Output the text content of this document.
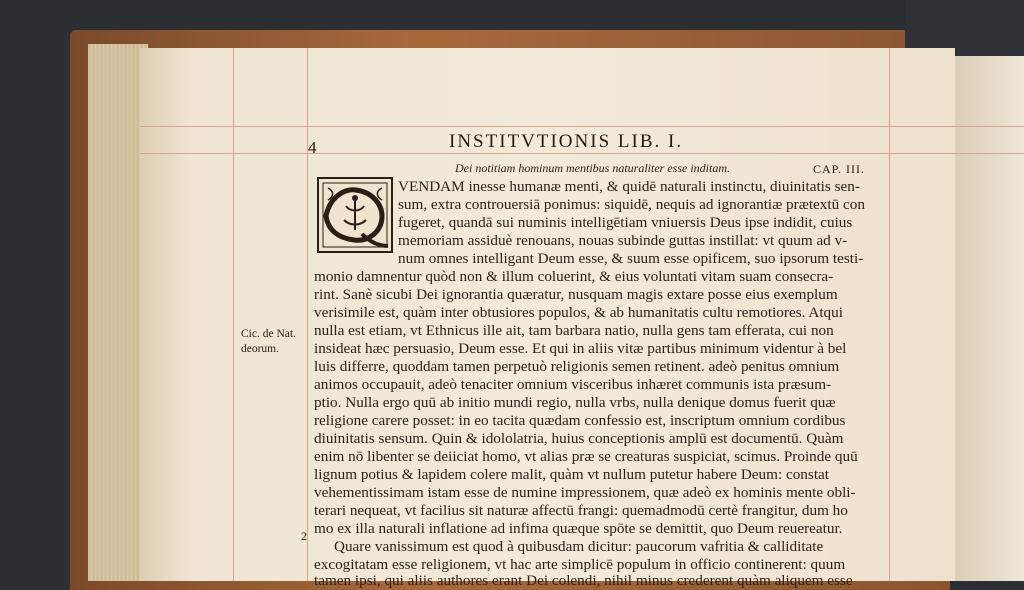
4	INSTITVTIONIS LIB. I.
Dei notitiam hominum mentibus naturaliter esse inditam.	CAP. III.
Cic. de Nat.
deorum.
2
VENDAM inesse humanæ menti, & quidē naturali instinctu, diuinitatis sen-
sum, extra controuersiā ponimus: siquidē, nequis ad ignorantiæ prætextū con
fugeret, quandā sui numinis intelligētiam vniuersis Deus ipse indidit, cuius
memoriam assiduè renouans, nouas subinde guttas instillat: vt quum ad v-
num omnes intelligant Deum esse, & suum esse opificem, suo ipsorum testi-
monio damnentur quòd non & illum coluerint, & eius voluntati vitam suam consecra-
rint. Sanè sicubi Dei ignorantia quæratur, nusquam magis extare posse eius exemplum
verisimile est, quàm inter obtusiores populos, & ab humanitatis cultu remotiores. Atqui
nulla est etiam, vt Ethnicus ille ait, tam barbara natio, nulla gens tam efferata, cui non
insideat hæc persuasio, Deum esse. Et qui in aliis vitæ partibus minimum videntur à bel
luis differre, quoddam tamen perpetuò religionis semen retinent. adeò penitus omnium
animos occupauit, adeò tenaciter omnium visceribus inhæret communis ista præsum-
ptio. Nulla ergo quū ab initio mundi regio, nulla vrbs, nulla denique domus fuerit quæ
religione carere posset: in eo tacita quædam confessio est, inscriptum omnium cordibus
diuinitatis sensum. Quin & idololatria, huius conceptionis amplū est documentū. Quàm
enim nō libenter se deiiciat homo, vt alias præ se creaturas suspiciat, scimus. Proinde quū
lignum potius & lapidem colere malit, quàm vt nullum putetur habere Deum: constat
vehementissimam istam esse de numine impressionem, quæ adeò ex hominis mente obli-
terari nequeat, vt facilius sit naturæ affectū frangi: quemadmodū certè frangitur, dum ho
mo ex illa naturali inflatione ad infima quæque spōte se demittit, quo Deum reuereatur.
Quare vanissimum est quod à quibusdam dicitur: paucorum vafritia & calliditate
excogitatam esse religionem, vt hac arte simplicē populum in officio continerent: quum
tamen ipsi, qui aliis authores erant Dei colendi, nihil minus crederent quàm aliquem esse
